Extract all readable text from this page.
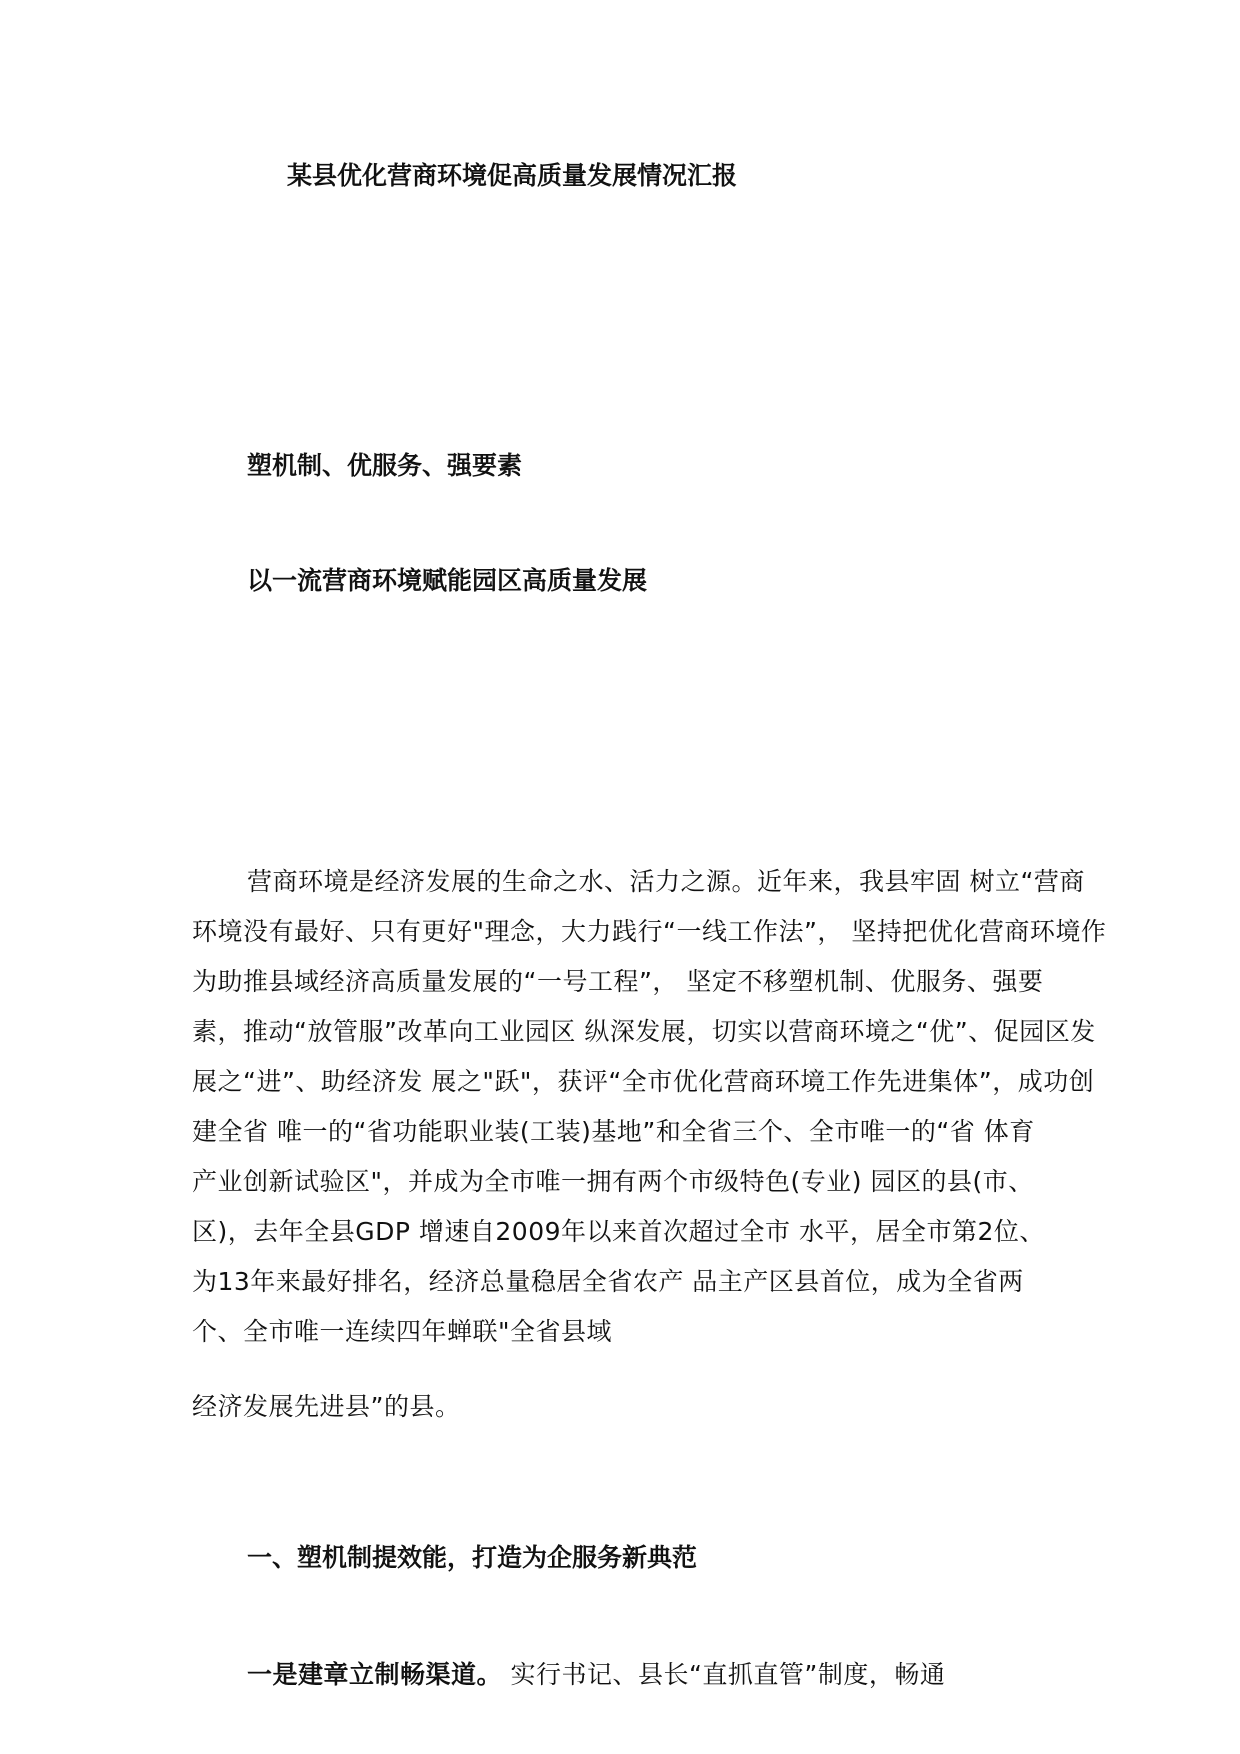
某县优化营商环境促高质量发展情况汇报
塑机制、优服务、强要素
以一流营商环境赋能园区高质量发展
营商环境是经济发展的生命之水、活力之源。近年来，我县牢固 树立“营商
环境没有最好、只有更好"理念，大力践行“一线工作法”， 坚持把优化营商环境作
为助推县域经济高质量发展的“一号工程”， 坚定不移塑机制、优服务、强要
素，推动“放管服”改革向工业园区 纵深发展，切实以营商环境之“优”、促园区发
展之“进”、助经济发 展之"跃"，获评“全市优化营商环境工作先进集体”，成功创
建全省 唯一的“省功能职业装(工装)基地”和全省三个、全市唯一的“省 体育
产业创新试验区"，并成为全市唯一拥有两个市级特色(专业) 园区的县(市、
区)，去年全县GDP 增速自2009年以来首次超过全市 水平，居全市第2位、
为13年来最好排名，经济总量稳居全省农产 品主产区县首位，成为全省两
个、全市唯一连续四年蝉联"全省县域
经济发展先进县”的县。
一、塑机制提效能，打造为企服务新典范
一是建章立制畅渠道。 实行书记、县长“直抓直管”制度，畅通
